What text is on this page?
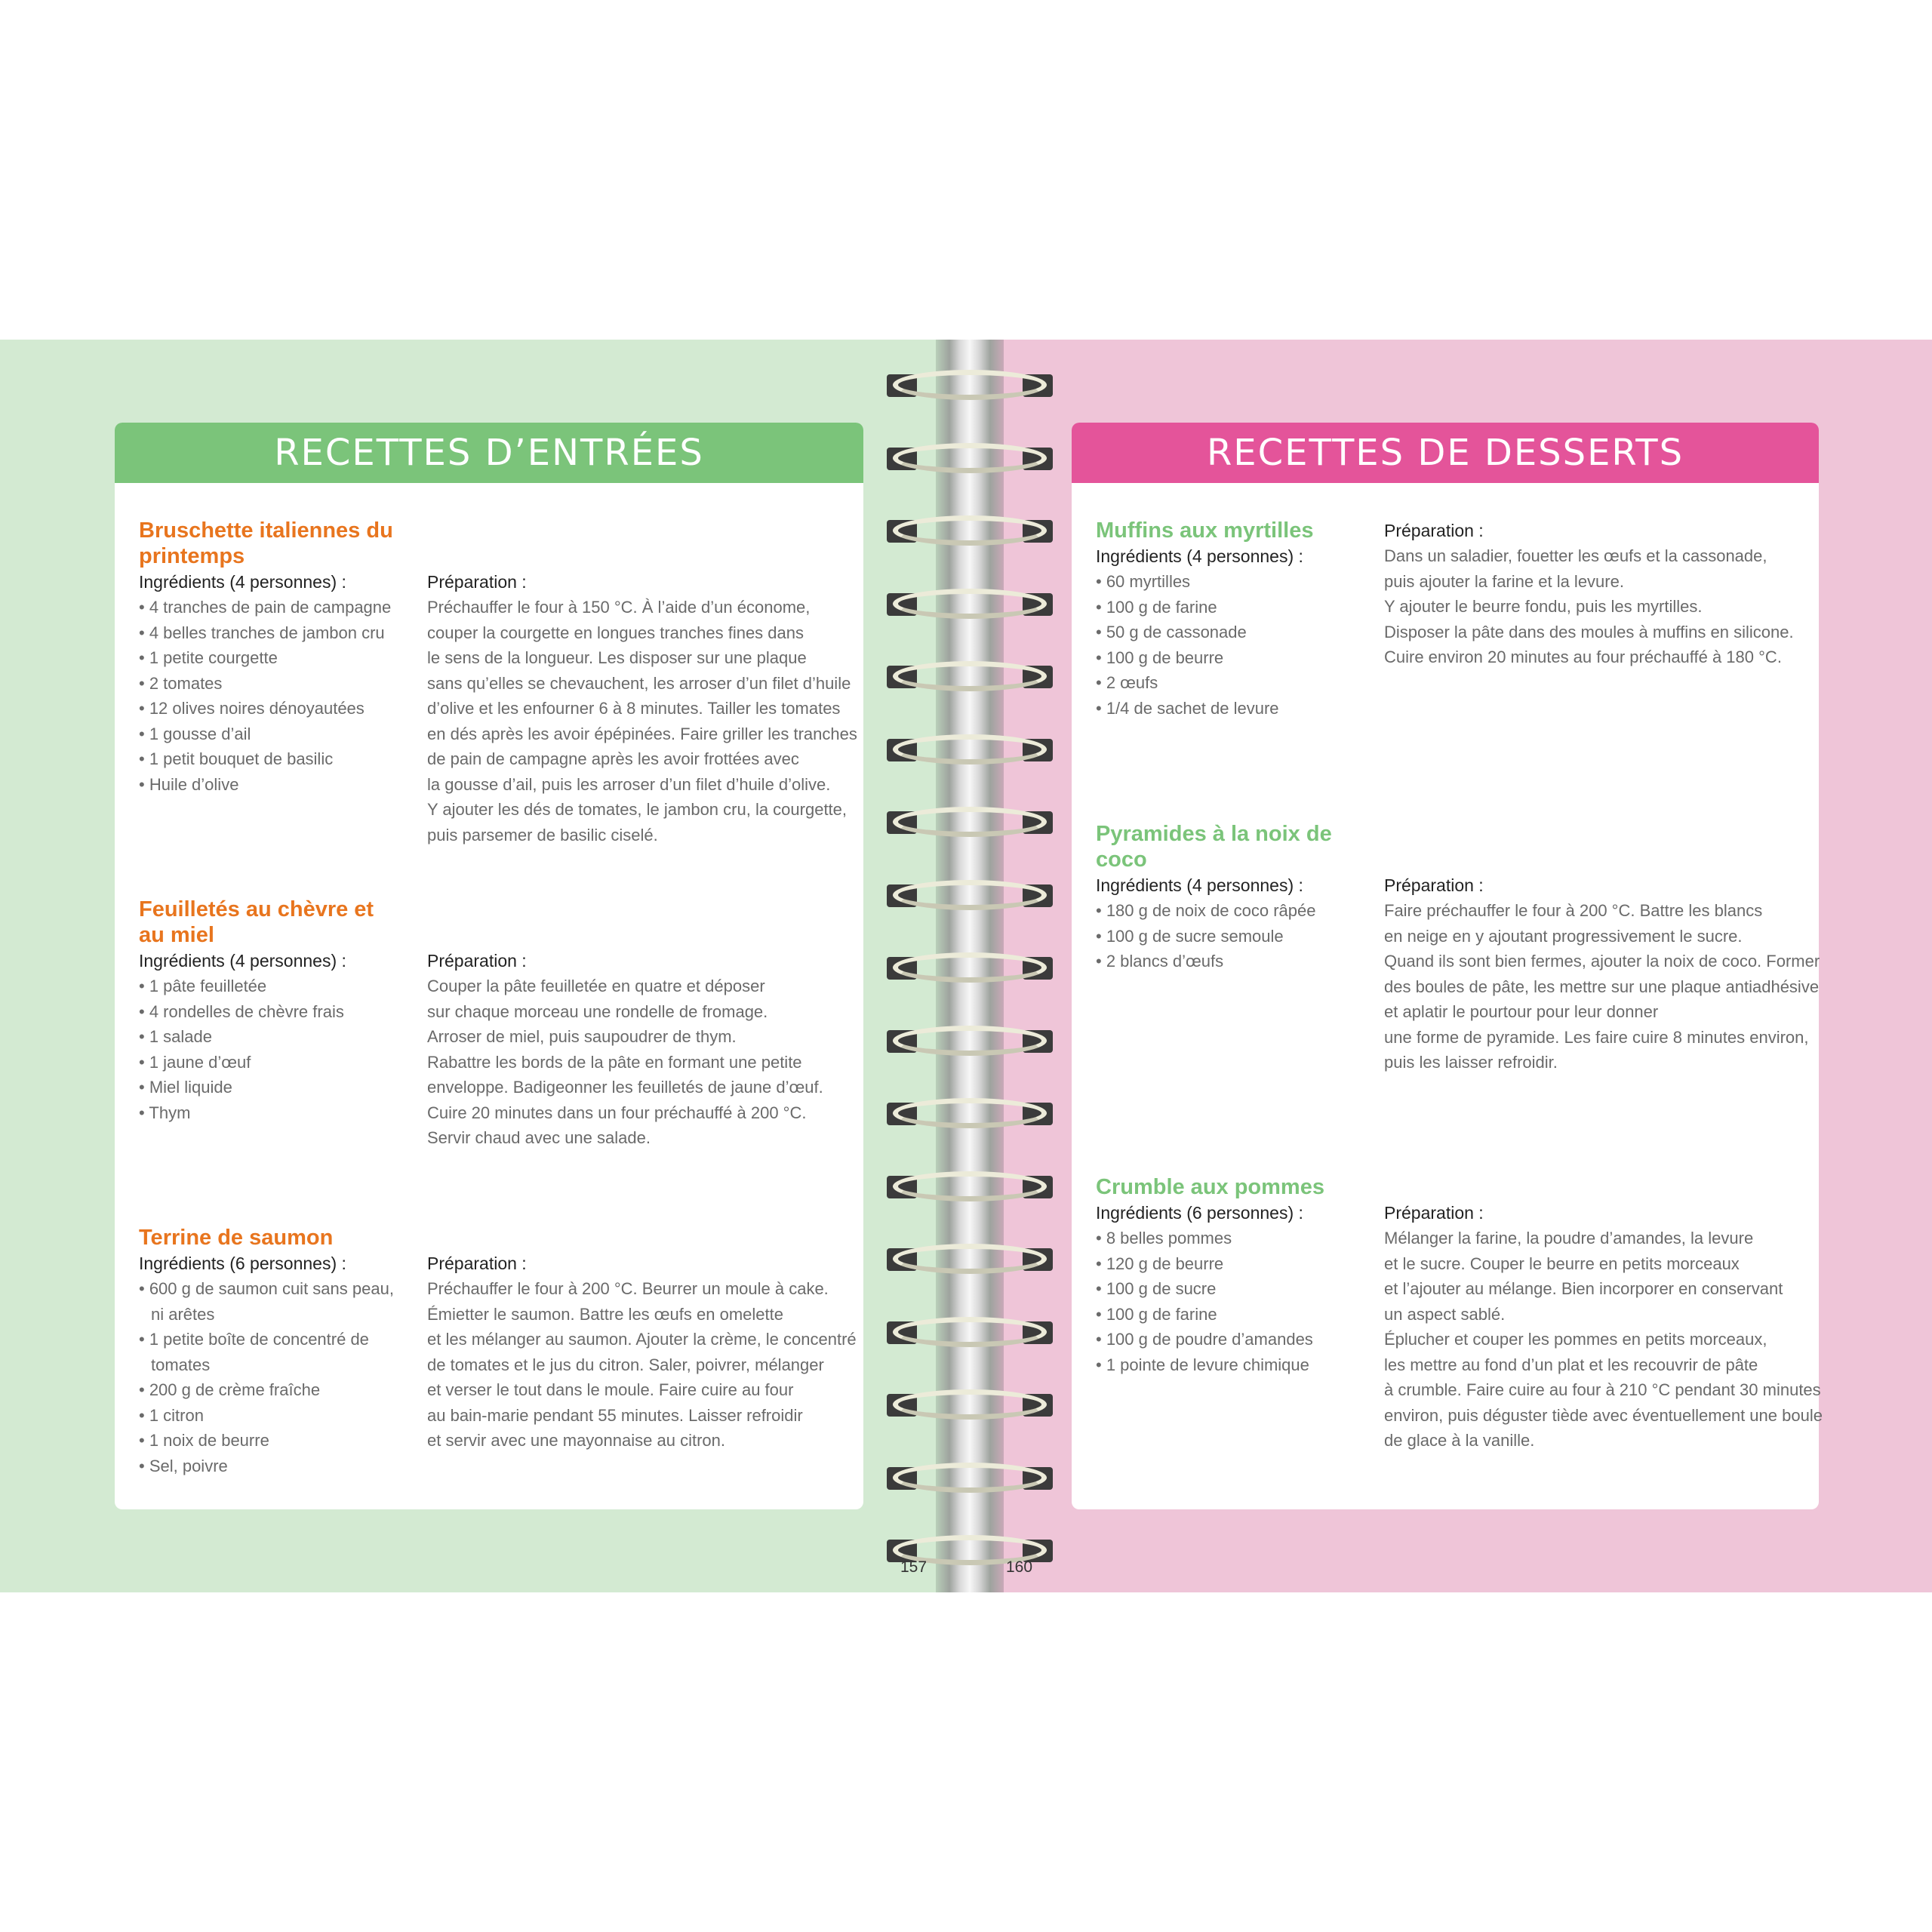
RECETTES D’ENTRÉES
Bruschette italiennes du printemps
Ingrédients (4 personnes) :
• 4 tranches de pain de campagne
• 4 belles tranches de jambon cru
• 1 petite courgette
• 2 tomates
• 12 olives noires dénoyautées
• 1 gousse d’ail
• 1 petit bouquet de basilic
• Huile d’olive
Préparation :
Préchauffer le four à 150 °C. À l’aide d’un économe,
couper la courgette en longues tranches fines dans
le sens de la longueur. Les disposer sur une plaque
sans qu’elles se chevauchent, les arroser d’un filet d’huile
d’olive et les enfourner 6 à 8 minutes. Tailler les tomates
en dés après les avoir épépinées. Faire griller les tranches
de pain de campagne après les avoir frottées avec
la gousse d’ail, puis les arroser d’un filet d’huile d’olive.
Y ajouter les dés de tomates, le jambon cru, la courgette,
puis parsemer de basilic ciselé.
Feuilletés au chèvre et au miel
Ingrédients (4 personnes) :
• 1 pâte feuilletée
• 4 rondelles de chèvre frais
• 1 salade
• 1 jaune d’œuf
• Miel liquide
• Thym
Préparation :
Couper la pâte feuilletée en quatre et déposer
sur chaque morceau une rondelle de fromage.
Arroser de miel, puis saupoudrer de thym.
Rabattre les bords de la pâte en formant une petite
enveloppe. Badigeonner les feuilletés de jaune d’œuf.
Cuire 20 minutes dans un four préchauffé à 200 °C.
Servir chaud avec une salade.
Terrine de saumon
Ingrédients (6 personnes) :
• 600 g de saumon cuit sans peau, ni arêtes
• 1 petite boîte de concentré de tomates
• 200 g de crème fraîche
• 1 citron
• 1 noix de beurre
• Sel, poivre
Préparation :
Préchauffer le four à 200 °C. Beurrer un moule à cake.
Émietter le saumon. Battre les œufs en omelette
et les mélanger au saumon. Ajouter la crème, le concentré
de tomates et le jus du citron. Saler, poivrer, mélanger
et verser le tout dans le moule. Faire cuire au four
au bain-marie pendant 55 minutes. Laisser refroidir
et servir avec une mayonnaise au citron.
RECETTES DE DESSERTS
Muffins aux myrtilles
Ingrédients (4 personnes) :
• 60 myrtilles
• 100 g de farine
• 50 g de cassonade
• 100 g de beurre
• 2 œufs
• 1/4 de sachet de levure
Préparation :
Dans un saladier, fouetter les œufs et la cassonade,
puis ajouter la farine et la levure.
Y ajouter le beurre fondu, puis les myrtilles.
Disposer la pâte dans des moules à muffins en silicone.
Cuire environ 20 minutes au four préchauffé à 180 °C.
Pyramides à la noix de coco
Ingrédients (4 personnes) :
• 180 g de noix de coco râpée
• 100 g de sucre semoule
• 2 blancs d’œufs
Préparation :
Faire préchauffer le four à 200 °C. Battre les blancs
en neige en y ajoutant progressivement le sucre.
Quand ils sont bien fermes, ajouter la noix de coco. Former
des boules de pâte, les mettre sur une plaque antiadhésive
et aplatir le pourtour pour leur donner
une forme de pyramide. Les faire cuire 8 minutes environ,
puis les laisser refroidir.
Crumble aux pommes
Ingrédients (6 personnes) :
• 8 belles pommes
• 120 g de beurre
• 100 g de sucre
• 100 g de farine
• 100 g de poudre d’amandes
• 1 pointe de levure chimique
Préparation :
Mélanger la farine, la poudre d’amandes, la levure
et le sucre. Couper le beurre en petits morceaux
et l’ajouter au mélange. Bien incorporer en conservant
un aspect sablé.
Éplucher et couper les pommes en petits morceaux,
les mettre au fond d’un plat et les recouvrir de pâte
à crumble. Faire cuire au four à 210 °C pendant 30 minutes
environ, puis déguster tiède avec éventuellement une boule
de glace à la vanille.
157	160
